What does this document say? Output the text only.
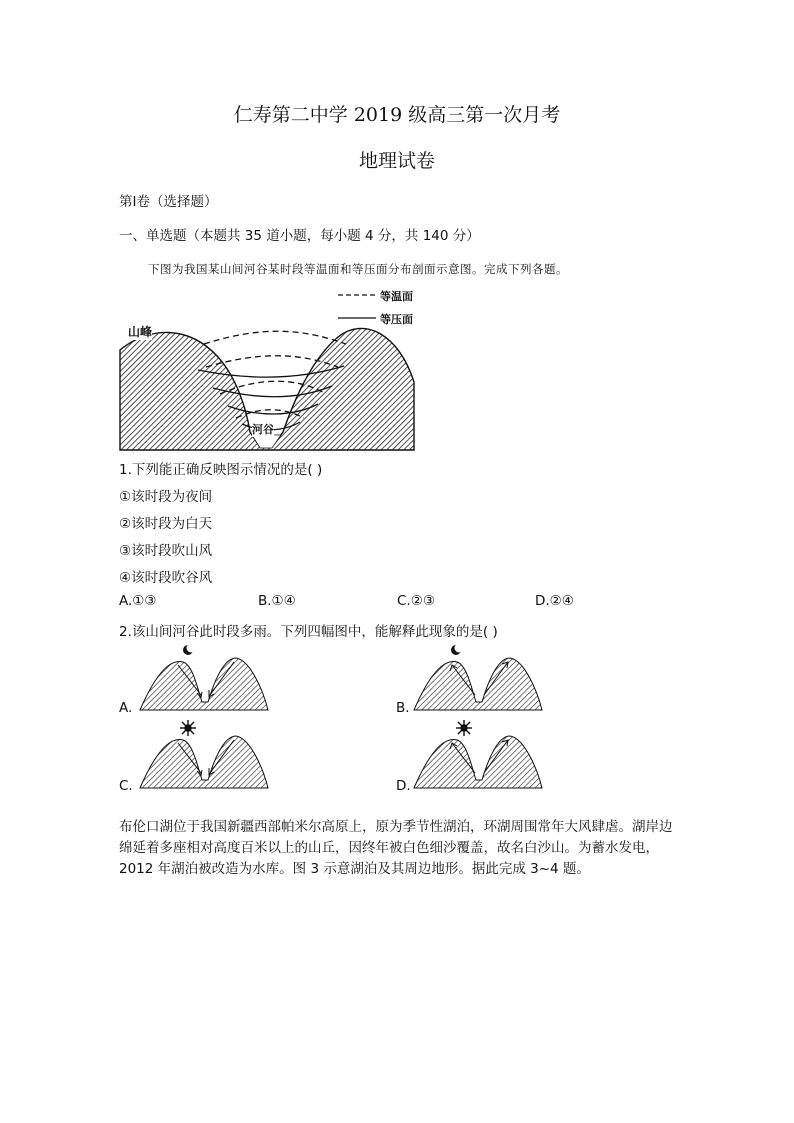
仁寿第二中学 2019 级高三第一次月考
地理试卷
第Ⅰ卷（选择题）
一、单选题（本题共 35 道小题，每小题 4 分，共 140 分）
下图为我国某山间河谷某时段等温面和等压面分布剖面示意图。完成下列各题。
等温面
等压面
山峰
河谷
1.下列能正确反映图示情况的是( )
①该时段为夜间
②该时段为白天
③该时段吹山风
④该时段吹谷风
A.①③	B.①④	C.②③	D.②④
2.该山间河谷此时段多雨。下列四幅图中，能解释此现象的是( )
A.	B.
C.	D.
布伦口湖位于我国新疆西部帕米尔高原上，原为季节性湖泊，环湖周围常年大风肆虐。湖岸边绵延着多座相对高度百米以上的山丘，因终年被白色细沙覆盖，故名白沙山。为蓄水发电，2012 年湖泊被改造为水库。图 3 示意湖泊及其周边地形。据此完成 3~4 题。
